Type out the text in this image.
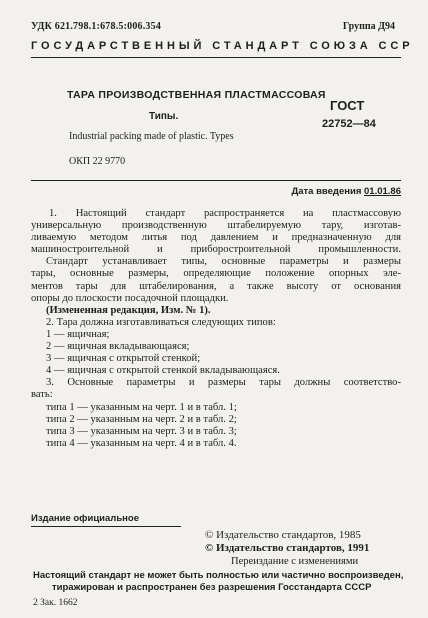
УДК 621.798.1:678.5:006.354	Группа Д94
ГОСУДАРСТВЕННЫЙ СТАНДАРТ СОЮЗА ССР
ТАРА ПРОИЗВОДСТВЕННАЯ ПЛАСТМАССОВАЯ
Типы.
Industrial packing made of plastic. Types
ГОСТ
22752—84
ОКП 22 9770
Дата введения 01.01.86
1. Настоящий стандарт распространяется на пластмассовую
универсальную производственную штабелируемую тару, изготав-
ливаемую методом литья под давлением и предназначенную для
машиностроительной и приборостроительной промышленности.
Стандарт устанавливает типы, основные параметры и размеры
тары, основные размеры, определяющие положение опорных эле-
ментов тары для штабелирования, а также высоту от основания
опоры до плоскости посадочной площадки.
(Измененная редакция, Изм. № 1).
2. Тара должна изготавливаться следующих типов:
1 — ящичная;
2 — ящичная вкладывающаяся;
3 — ящичная с открытой стенкой;
4 — ящичная с открытой стенкой вкладывающаяся.
3. Основные параметры и размеры тары должны соответство-
вать:
типа 1 — указанным на черт. 1 и в табл. 1;
типа 2 — указанным на черт. 2 и в табл. 2;
типа 3 — указанным на черт. 3 и в табл. 3;
типа 4 — указанным на черт. 4 и в табл. 4.
Издание официальное
© Издательство стандартов, 1985
© Издательство стандартов, 1991
Переиздание с изменениями
Настоящий стандарт не может быть полностью или частично воспроизведен,
тиражирован и распространен без разрешения Госстандарта СССР
2 Зак. 1662
